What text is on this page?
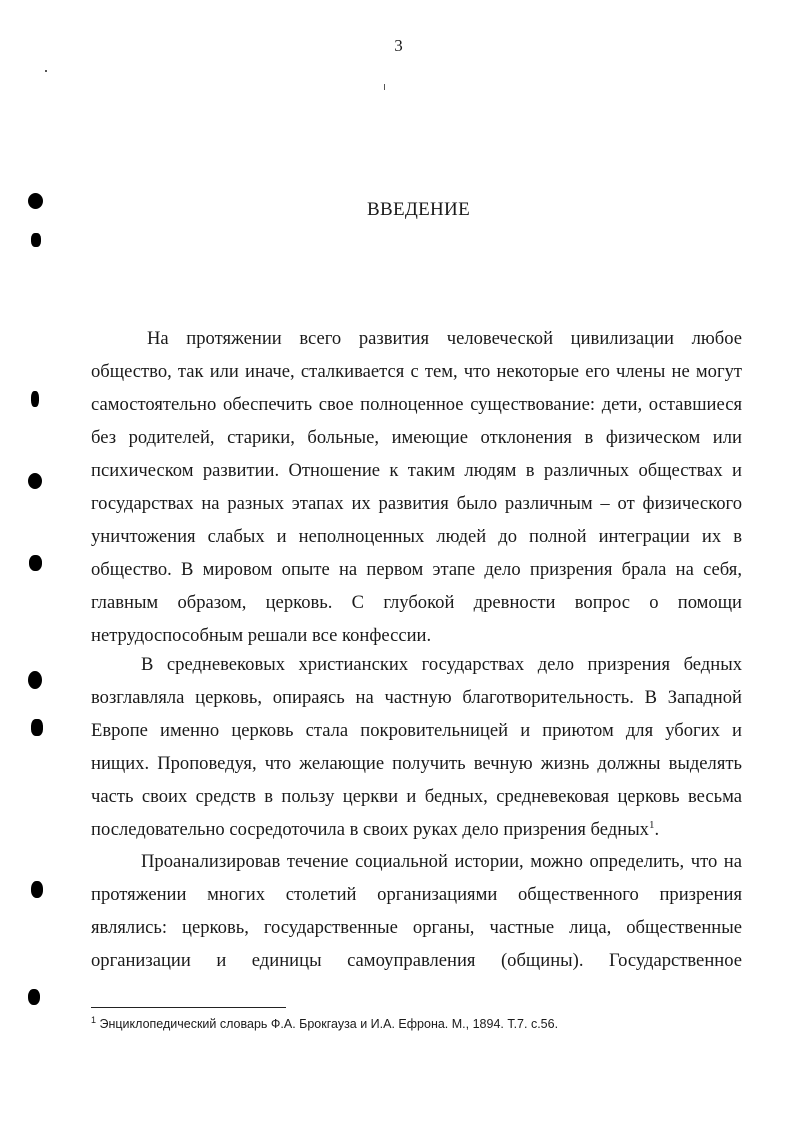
3
ВВЕДЕНИЕ
На протяжении всего развития человеческой цивилизации любое
общество, так или иначе, сталкивается с тем, что некоторые его члены не могут
самостоятельно обеспечить свое полноценное существование: дети, оставшиеся
без родителей, старики, больные, имеющие отклонения в физическом или
психическом развитии. Отношение к таким людям в различных обществах и
государствах на разных этапах их развития было различным – от физического
уничтожения слабых и неполноценных людей до полной интеграции их в
общество. В мировом опыте на первом этапе дело призрения брала на себя,
главным образом, церковь. С глубокой древности вопрос о помощи
нетрудоспособным решали все конфессии.
В средневековых христианских государствах дело призрения бедных
возглавляла церковь, опираясь на частную благотворительность. В Западной
Европе именно церковь стала покровительницей и приютом для убогих и
нищих. Проповедуя, что желающие получить вечную жизнь должны выделять
часть своих средств в пользу церкви и бедных, средневековая церковь весьма
последовательно сосредоточила в своих руках дело призрения бедных$^1$.
Проанализировав течение социальной истории, можно определить, что на
протяжении многих столетий организациями общественного призрения
являлись: церковь, государственные органы, частные лица, общественные
организации и единицы самоуправления (общины). Государственное
$^1$ Энциклопедический словарь Ф.А. Брокгауза и И.А. Ефрона. М., 1894. Т.7. с.56.
